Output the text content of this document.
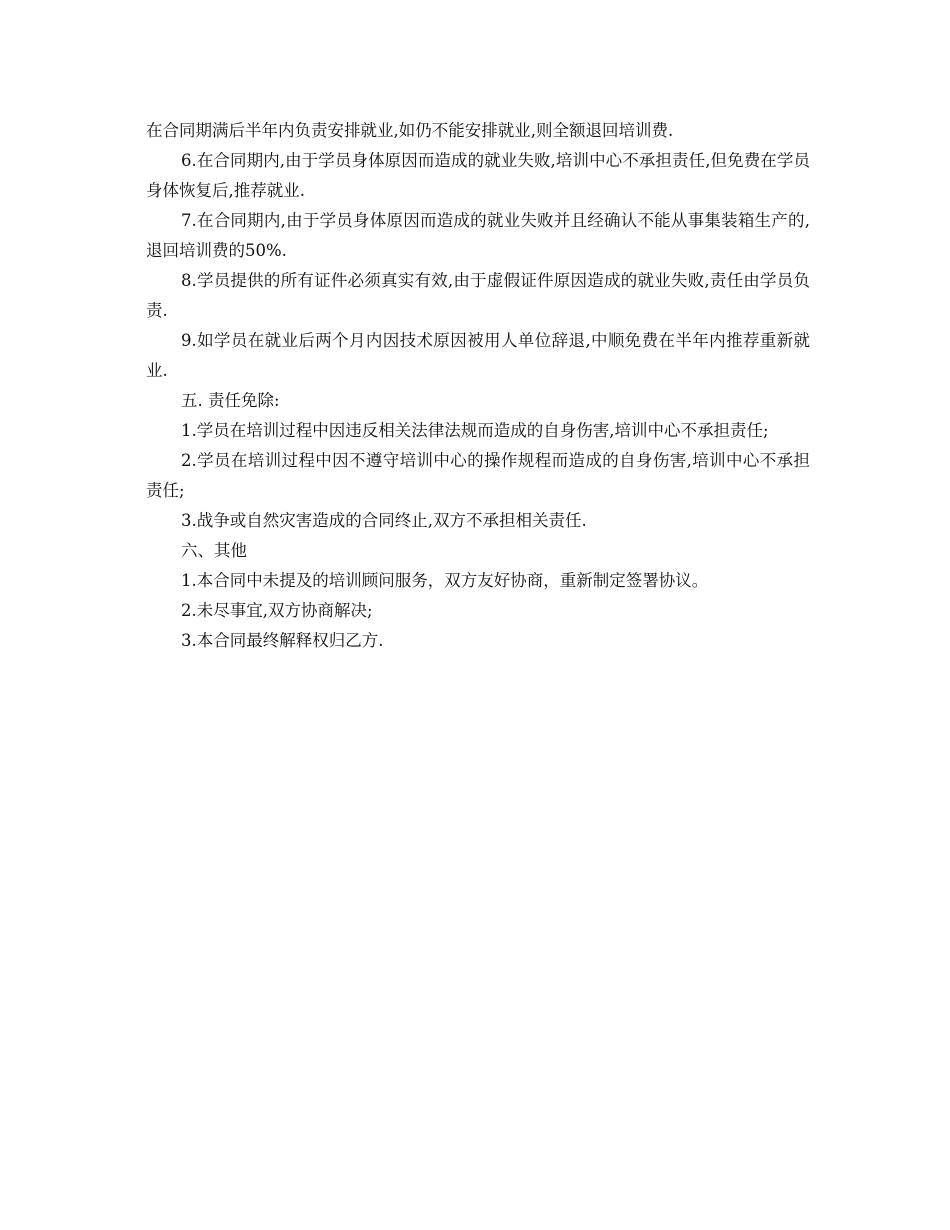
在合同期满后半年内负责安排就业,如仍不能安排就业,则全额退回培训费.

6.在合同期内,由于学员身体原因而造成的就业失败,培训中心不承担责任,但免费在学员身体恢复后,推荐就业.

7.在合同期内,由于学员身体原因而造成的就业失败并且经确认不能从事集装箱生产的,退回培训费的50%.

8.学员提供的所有证件必须真实有效,由于虚假证件原因造成的就业失败,责任由学员负责.

9.如学员在就业后两个月内因技术原因被用人单位辞退,中顺免费在半年内推荐重新就业.

五. 责任免除:

1.学员在培训过程中因违反相关法律法规而造成的自身伤害,培训中心不承担责任;

2.学员在培训过程中因不遵守培训中心的操作规程而造成的自身伤害,培训中心不承担责任;

3.战争或自然灾害造成的合同终止,双方不承担相关责任.

六、其他

1.本合同中未提及的培训顾问服务，双方友好协商，重新制定签署协议。

2.未尽事宜,双方协商解决;

3.本合同最终解释权归乙方.
